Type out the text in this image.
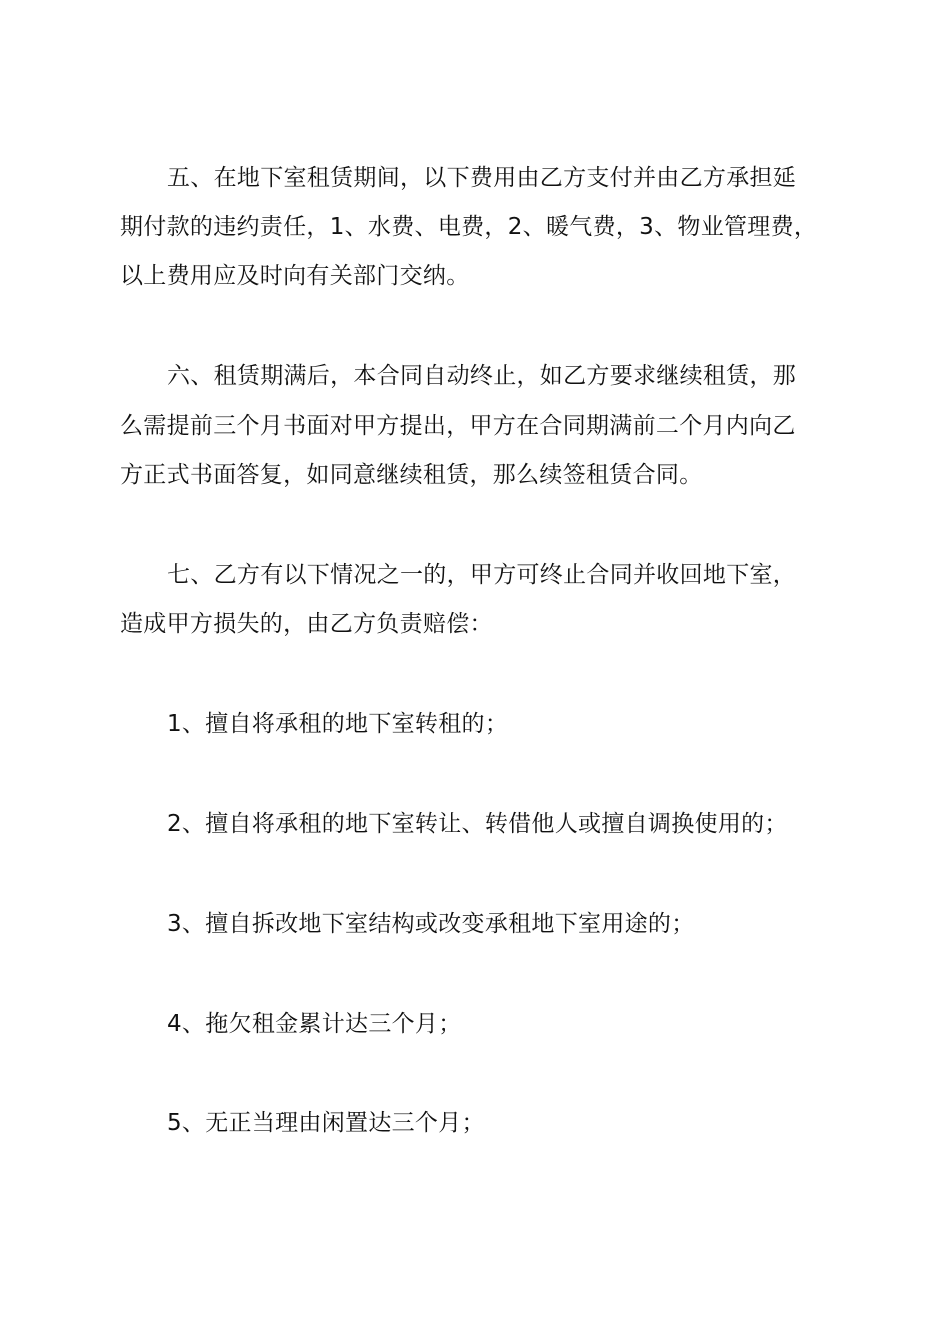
五、在地下室租赁期间，以下费用由乙方支付并由乙方承担延
期付款的违约责任，1、水费、电费，2、暖气费，3、物业管理费，
以上费用应及时向有关部门交纳。
六、租赁期满后，本合同自动终止，如乙方要求继续租赁，那
么需提前三个月书面对甲方提出，甲方在合同期满前二个月内向乙
方正式书面答复，如同意继续租赁，那么续签租赁合同。
七、乙方有以下情况之一的，甲方可终止合同并收回地下室，
造成甲方损失的，由乙方负责赔偿：
1、擅自将承租的地下室转租的；
2、擅自将承租的地下室转让、转借他人或擅自调换使用的；
3、擅自拆改地下室结构或改变承租地下室用途的；
4、拖欠租金累计达三个月；
5、无正当理由闲置达三个月；
